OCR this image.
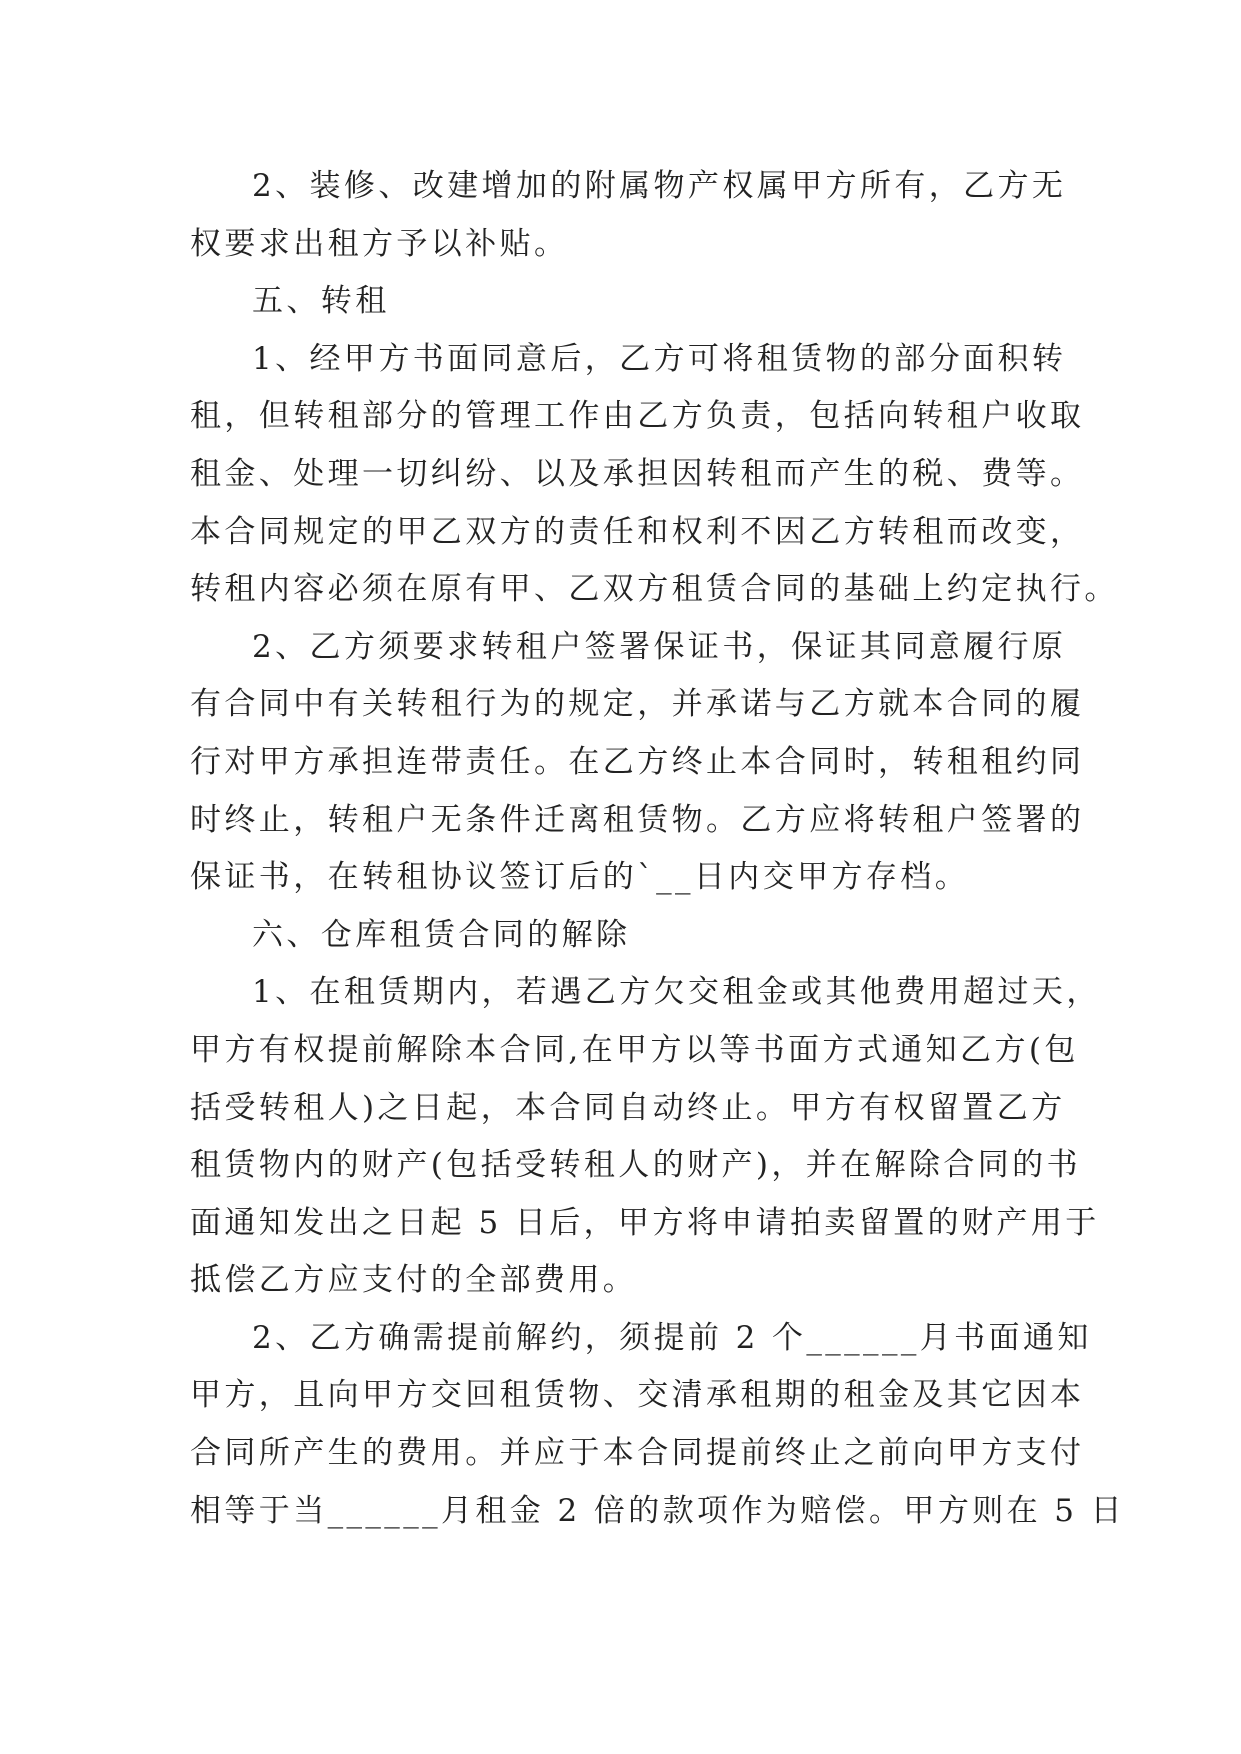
2、装修、改建增加的附属物产权属甲方所有，乙方无
权要求出租方予以补贴。
五、转租
1、经甲方书面同意后，乙方可将租赁物的部分面积转
租，但转租部分的管理工作由乙方负责，包括向转租户收取
租金、处理一切纠纷、以及承担因转租而产生的税、费等。
本合同规定的甲乙双方的责任和权利不因乙方转租而改变，
转租内容必须在原有甲、乙双方租赁合同的基础上约定执行。
2、乙方须要求转租户签署保证书，保证其同意履行原
有合同中有关转租行为的规定，并承诺与乙方就本合同的履
行对甲方承担连带责任。在乙方终止本合同时，转租租约同
时终止，转租户无条件迁离租赁物。乙方应将转租户签署的
保证书，在转租协议签订后的`__日内交甲方存档。
六、仓库租赁合同的解除
1、在租赁期内，若遇乙方欠交租金或其他费用超过天，
甲方有权提前解除本合同,在甲方以等书面方式通知乙方(包
括受转租人)之日起，本合同自动终止。甲方有权留置乙方
租赁物内的财产(包括受转租人的财产)，并在解除合同的书
面通知发出之日起 5 日后，甲方将申请拍卖留置的财产用于
抵偿乙方应支付的全部费用。
2、乙方确需提前解约，须提前 2 个______月书面通知
甲方，且向甲方交回租赁物、交清承租期的租金及其它因本
合同所产生的费用。并应于本合同提前终止之前向甲方支付
相等于当______月租金 2 倍的款项作为赔偿。甲方则在 5 日
